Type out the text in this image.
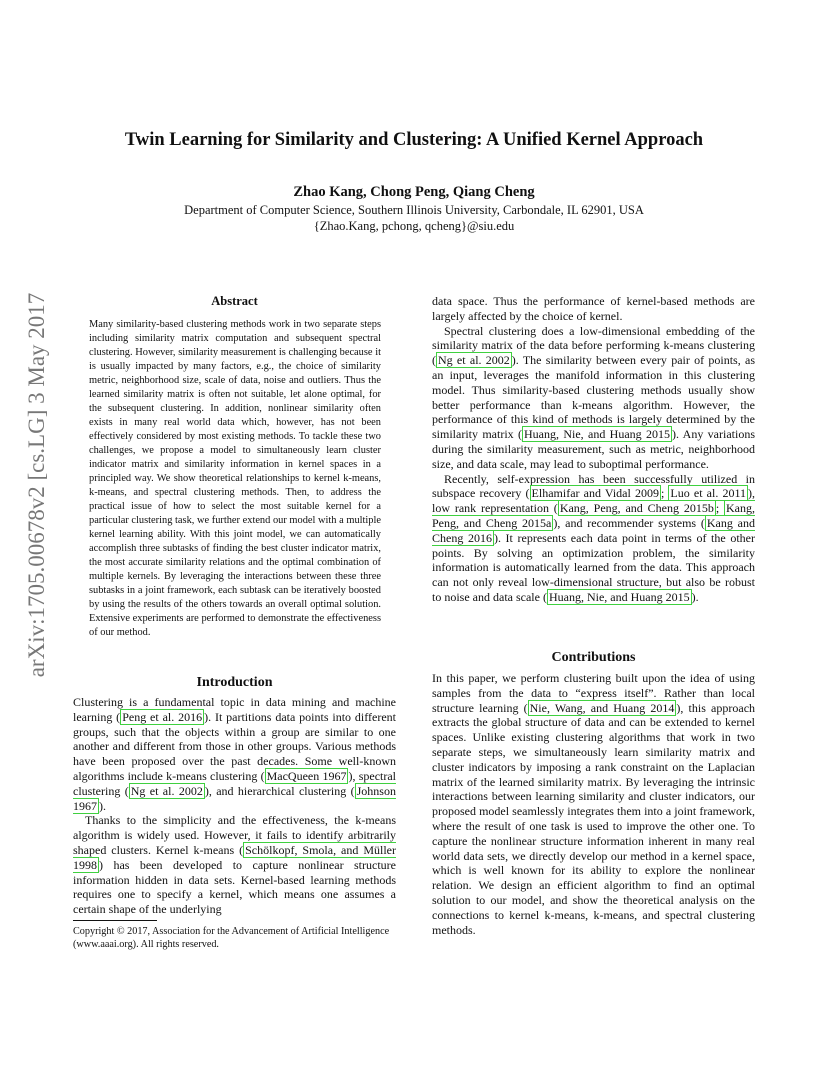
arXiv:1705.00678v2 [cs.LG] 3 May 2017
Twin Learning for Similarity and Clustering: A Unified Kernel Approach
Zhao Kang, Chong Peng, Qiang Cheng
Department of Computer Science, Southern Illinois University, Carbondale, IL 62901, USA
{Zhao.Kang, pchong, qcheng}@siu.edu
Abstract
Many similarity-based clustering methods work in two separate steps including similarity matrix computation and subsequent spectral clustering. However, similarity measurement is challenging because it is usually impacted by many factors, e.g., the choice of similarity metric, neighborhood size, scale of data, noise and outliers. Thus the learned similarity matrix is often not suitable, let alone optimal, for the subsequent clustering. In addition, nonlinear similarity often exists in many real world data which, however, has not been effectively considered by most existing methods. To tackle these two challenges, we propose a model to simultaneously learn cluster indicator matrix and similarity information in kernel spaces in a principled way. We show theoretical relationships to kernel k-means, k-means, and spectral clustering methods. Then, to address the practical issue of how to select the most suitable kernel for a particular clustering task, we further extend our model with a multiple kernel learning ability. With this joint model, we can automatically accomplish three subtasks of finding the best cluster indicator matrix, the most accurate similarity relations and the optimal combination of multiple kernels. By leveraging the interactions between these three subtasks in a joint framework, each subtask can be iteratively boosted by using the results of the others towards an overall optimal solution. Extensive experiments are performed to demonstrate the effectiveness of our method.
Introduction

Clustering is a fundamental topic in data mining and machine learning ( Peng et al. 2016 ). It partitions data points into different groups, such that the objects within a group are similar to one another and different from those in other groups. Various methods have been proposed over the past decades. Some well-known algorithms include k-means clustering ( MacQueen 1967 ), spectral clustering ( Ng et al. 2002 ), and hierarchical clustering ( Johnson 1967 ).

Thanks to the simplicity and the effectiveness, the k-means algorithm is widely used. However, it fails to identify arbitrarily shaped clusters. Kernel k-means ( Schölkopf, Smola, and Müller 1998 ) has been developed to capture nonlinear structure information hidden in data sets. Kernel-based learning methods requires one to specify a kernel, which means one assumes a certain shape of the underlying

Copyright © 2017, Association for the Advancement of Artificial Intelligence (www.aaai.org). All rights reserved.

data space. Thus the performance of kernel-based methods are largely affected by the choice of kernel.

Spectral clustering does a low-dimensional embedding of the similarity matrix of the data before performing k-means clustering ( Ng et al. 2002 ). The similarity between every pair of points, as an input, leverages the manifold information in this clustering model. Thus similarity-based clustering methods usually show better performance than k-means algorithm. However, the performance of this kind of methods is largely determined by the similarity matrix ( Huang, Nie, and Huang 2015 ). Any variations during the similarity measurement, such as metric, neighborhood size, and data scale, may lead to suboptimal performance.

Recently, self-expression has been successfully utilized in subspace recovery ( Elhamifar and Vidal 2009 ; Luo et al. 2011 ), low rank representation ( Kang, Peng, and Cheng 2015b ; Kang, Peng, and Cheng 2015a ), and recommender systems ( Kang and Cheng 2016 ). It represents each data point in terms of the other points. By solving an optimization problem, the similarity information is automatically learned from the data. This approach can not only reveal low-dimensional structure, but also be robust to noise and data scale ( Huang, Nie, and Huang 2015 ).

Contributions

In this paper, we perform clustering built upon the idea of using samples from the data to “express itself”. Rather than local structure learning ( Nie, Wang, and Huang 2014 ), this approach extracts the global structure of data and can be extended to kernel spaces. Unlike existing clustering algorithms that work in two separate steps, we simultaneously learn similarity matrix and cluster indicators by imposing a rank constraint on the Laplacian matrix of the learned similarity matrix. By leveraging the intrinsic interactions between learning similarity and cluster indicators, our proposed model seamlessly integrates them into a joint framework, where the result of one task is used to improve the other one. To capture the nonlinear structure information inherent in many real world data sets, we directly develop our method in a kernel space, which is well known for its ability to explore the nonlinear relation. We design an efficient algorithm to find an optimal solution to our model, and show the theoretical analysis on the connections to kernel k-means, k-means, and spectral clustering methods.
